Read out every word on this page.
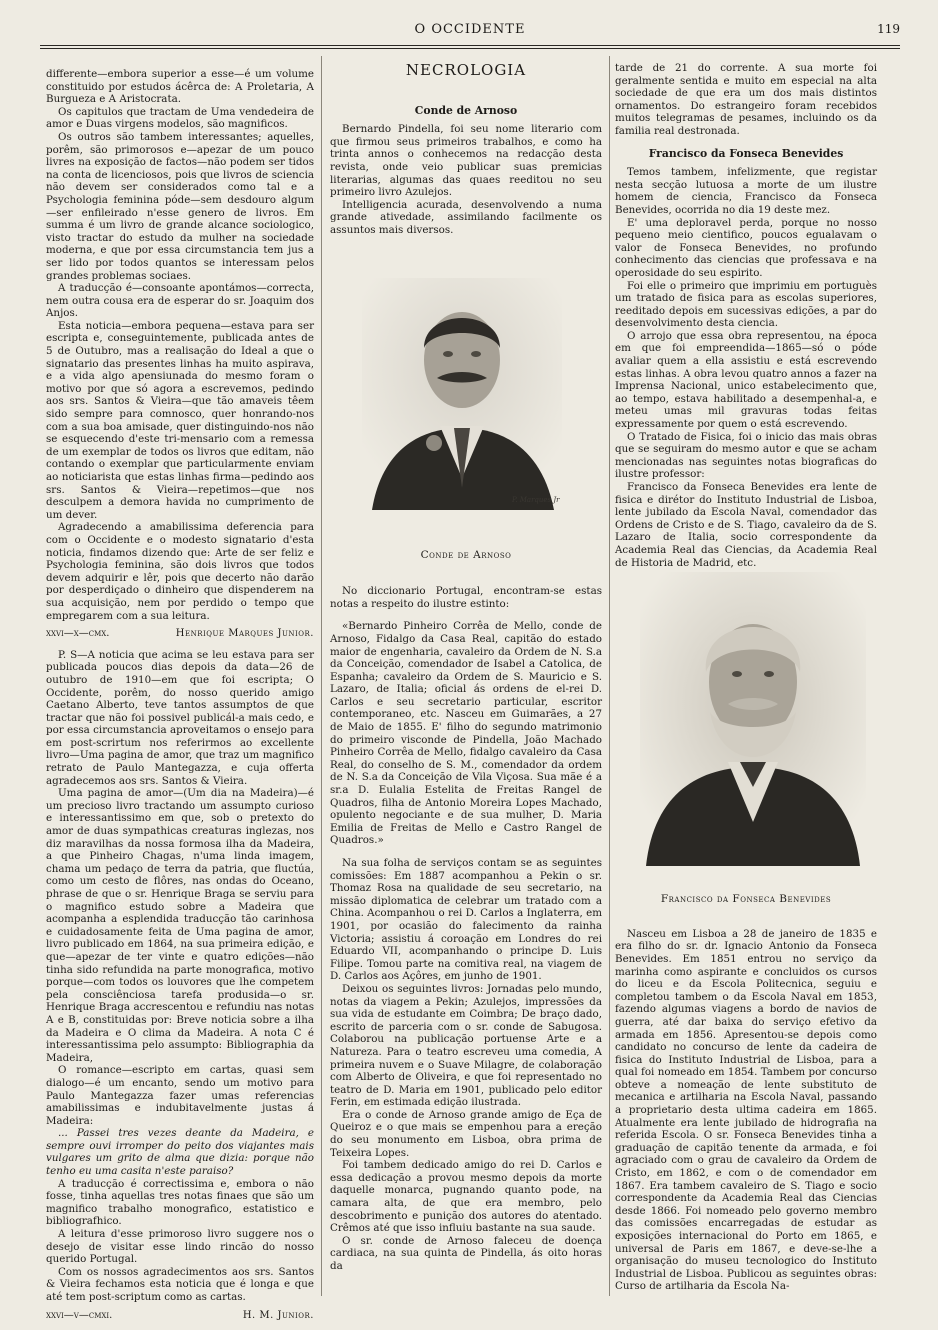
O OCCIDENTE	119

differente—embora superior a esse—é um volume constituido por estudos ácêrca de: A Proletaria, A Burgueza e A Aristocrata.

Os capitulos que tractam de Uma vendedeira de amor e Duas virgens modelos, são magnificos.

Os outros são tambem interessantes; aquelles, porêm, são primorosos e—apezar de um pouco livres na exposição de factos—não podem ser tidos na conta de licenciosos, pois que livros de sciencia não devem ser considerados como tal e a Psychologia feminina póde—sem desdouro algum—ser enfileirado n'esse genero de livros. Em summa é um livro de grande alcance sociologico, visto tractar do estudo da mulher na sociedade moderna, e que por essa circumstancia tem jus a ser lido por todos quantos se interessam pelos grandes problemas sociaes.

A traducção é—consoante apontámos—correcta, nem outra cousa era de esperar do sr. Joaquim dos Anjos.

Esta noticia—embora pequena—estava para ser escripta e, conseguintemente, publicada antes de 5 de Outubro, mas a realisação do Ideal a que o signatario das presentes linhas ha muito aspirava, e a vida algo apensiunada do mesmo foram o motivo por que só agora a escrevemos, pedindo aos srs. Santos & Vieira—que tão amaveis têem sido sempre para comnosco, quer honrando-nos com a sua boa amisade, quer distinguindo-nos não se esquecendo d'este tri-mensario com a remessa de um exemplar de todos os livros que editam, não contando o exemplar que particularmente enviam ao noticiarista que estas linhas firma—pedindo aos srs. Santos & Vieira—repetimos—que nos desculpem a demora havida no cumprimento de um dever.

Agradecendo a amabilissima deferencia para com o Occidente e o modesto signatario d'esta noticia, findamos dizendo que: Arte de ser feliz e Psychologia feminina, são dois livros que todos devem adquirir e lêr, pois que decerto não darão por desperdiçado o dinheiro que dispenderem na sua acquisição, nem por perdido o tempo que empregarem com a sua leitura.

xxvi—x—cmx.	Henrique Marques Junior.

P. S—A noticia que acima se leu estava para ser publicada poucos dias depois da data—26 de outubro de 1910—em que foi escripta; O Occidente, porêm, do nosso querido amigo Caetano Alberto, teve tantos assumptos de que tractar que não foi possivel publicál-a mais cedo, e por essa circumstancia aproveitamos o ensejo para em post-scrirtum nos referirmos ao excellente livro—Uma pagina de amor, que traz um magnifico retrato de Paulo Mantegazza, e cuja offerta agradecemos aos srs. Santos & Vieira.

Uma pagina de amor—(Um dia na Madeira)—é um precioso livro tractando um assumpto curioso e interessantissimo em que, sob o pretexto do amor de duas sympathicas creaturas inglezas, nos diz maravilhas da nossa formosa ilha da Madeira, a que Pinheiro Chagas, n'uma linda imagem, chama um pedaço de terra da patria, que fluctúa, como um cesto de flôres, nas ondas do Oceano, phrase de que o sr. Henrique Braga se serviu para o magnifico estudo sobre a Madeira que acompanha a esplendida traducção tão carinhosa e cuidadosamente feita de Uma pagina de amor, livro publicado em 1864, na sua primeira edição, e que—apezar de ter vinte e quatro edições—não tinha sido refundida na parte monografica, motivo porque—com todos os louvores que lhe competem pela consciênciosa tarefa produsida—o sr. Henrique Braga accrescentou e refundiu nas notas A e B, constituidas por: Breve noticia sobre a ilha da Madeira e O clima da Madeira. A nota C é interessantissima pelo assumpto: Bibliographia da Madeira,

O romance—escripto em cartas, quasi sem dialogo—é um encanto, sendo um motivo para Paulo Mantegazza fazer umas referencias amabilissimas e indubitavelmente justas á Madeira:

... Passei tres vezes deante da Madeira, e sempre ouvi irromper do peito dos viajantes mais vulgares um grito de alma que dizia: porque não tenho eu uma casita n'este paraiso?

A traducção é correctissima e, embora o não fosse, tinha aquellas tres notas finaes que são um magnifico trabalho monografico, estatistico e bibliografhico.

A leitura d'esse primoroso livro suggere nos o desejo de visitar esse lindo rincão do nosso querido Portugal.

Com os nossos agradecimentos aos srs. Santos & Vieira fechamos esta noticia que é longa e que até tem post-scriptum como as cartas.

xxvi—v—cmxi.	H. M. Junior.
NECROLOGIA
Conde de Arnoso

Bernardo Pindella, foi seu nome literario com que firmou seus primeiros trabalhos, e como ha trinta annos o conhecemos na redacção desta revista, onde veio publicar suas premicias literarias, algumas das quaes reeditou no seu primeiro livro Azulejos.

Intelligencia acurada, desenvolvendo a numa grande ativedade, assimilando facilmente os assuntos mais diversos.

Conde de Arnoso

No diccionario Portugal, encontram-se estas notas a respeito do ilustre estinto:

«Bernardo Pinheiro Corrêa de Mello, conde de Arnoso, Fidalgo da Casa Real, capitão do estado maior de engenharia, cavaleiro da Ordem de N. S.a da Conceição, comendador de Isabel a Catolica, de Espanha; cavaleiro da Ordem de S. Mauricio e S. Lazaro, de Italia; oficial ás ordens de el-rei D. Carlos e seu secretario particular, escritor contemporaneo, etc. Nasceu em Guimarães, a 27 de Maio de 1855. E' filho do segundo matrimonio do primeiro visconde de Pindella, João Machado Pinheiro Corrêa de Mello, fidalgo cavaleiro da Casa Real, do conselho de S. M., comendador da ordem de N. S.a da Conceição de Vila Viçosa. Sua mãe é a sr.a D. Eulalia Estelita de Freitas Rangel de Quadros, filha de Antonio Moreira Lopes Machado, opulento negociante e de sua mulher, D. Maria Emilia de Freitas de Mello e Castro Rangel de Quadros.»

Na sua folha de serviços contam se as seguintes comissões: Em 1887 acompanhou a Pekin o sr. Thomaz Rosa na qualidade de seu secretario, na missão diplomatica de celebrar um tratado com a China. Acompanhou o rei D. Carlos a Inglaterra, em 1901, por ocasião do falecimento da rainha Victoria; assistiu á coroação em Londres do rei Eduardo VII, acompanhando o principe D. Luis Filipe. Tomou parte na comitiva real, na viagem de D. Carlos aos Açôres, em junho de 1901.

Deixou os seguintes livros: Jornadas pelo mundo, notas da viagem a Pekin; Azulejos, impressões da sua vida de estudante em Coimbra; De braço dado, escrito de parceria com o sr. conde de Sabugosa. Colaborou na publicação portuense Arte e a Natureza. Para o teatro escreveu uma comedia, A primeira nuvem e o Suave Milagre, de colaboração com Alberto de Oliveira, e que foi representado no teatro de D. Maria em 1901, publicado pelo editor Ferin, em estimada edição ilustrada.

Era o conde de Arnoso grande amigo de Eça de Queiroz e o que mais se empenhou para a ereção do seu monumento em Lisboa, obra prima de Teixeira Lopes.

Foi tambem dedicado amigo do rei D. Carlos e essa dedicação a provou mesmo depois da morte daquelle monarca, pugnando quanto pode, na camara alta, de que era membro, pelo descobrimento e punição dos autores do atentado. Crêmos até que isso influiu bastante na sua saude.

O sr. conde de Arnoso faleceu de doença cardiaca, na sua quinta de Pindella, ás oito horas da

P. Marques Jr

tarde de 21 do corrente. A sua morte foi geralmente sentida e muito em especial na alta sociedade de que era um dos mais distintos ornamentos. Do estrangeiro foram recebidos muitos telegramas de pesames, incluindo os da familia real destronada.

Francisco da Fonseca Benevides

Temos tambem, infelizmente, que registar nesta secção lutuosa a morte de um ilustre homem de ciencia, Francisco da Fonseca Benevides, ocorrida no dia 19 deste mez.

E' uma deploravel perda, porque no nosso pequeno meio cientifico, poucos egualavam o valor de Fonseca Benevides, no profundo conhecimento das ciencias que professava e na operosidade do seu espirito.

Foi elle o primeiro que imprimiu em portuguès um tratado de fisica para as escolas superiores, reeditado depois em sucessivas edições, a par do desenvolvimento desta ciencia.

O arrojo que essa obra representou, na época em que foi empreendida—1865—só o póde avaliar quem a ella assistiu e está escrevendo estas linhas. A obra levou quatro annos a fazer na Imprensa Nacional, unico estabelecimento que, ao tempo, estava habilitado a desempenhal-a, e meteu umas mil gravuras todas feitas expressamente por quem o está escrevendo.

O Tratado de Fisica, foi o inicio das mais obras que se seguiram do mesmo autor e que se acham mencionadas nas seguintes notas biograficas do ilustre professor:

Francisco da Fonseca Benevides era lente de fisica e dirétor do Instituto Industrial de Lisboa, lente jubilado da Escola Naval, comendador das Ordens de Cristo e de S. Tiago, cavaleiro da de S. Lazaro de Italia, socio correspondente da Academia Real das Ciencias, da Academia Real de Historia de Madrid, etc.

Francisco da Fonseca Benevides

Nasceu em Lisboa a 28 de janeiro de 1835 e era filho do sr. dr. Ignacio Antonio da Fonseca Benevides. Em 1851 entrou no serviço da marinha como aspirante e concluidos os cursos do liceu e da Escola Politecnica, seguiu e completou tambem o da Escola Naval em 1853, fazendo algumas viagens a bordo de navios de guerra, até dar baixa do serviço efetivo da armada em 1856. Apresentou-se depois como candidato no concurso de lente da cadeira de fisica do Instituto Industrial de Lisboa, para a qual foi nomeado em 1854. Tambem por concurso obteve a nomeação de lente substituto de mecanica e artilharia na Escola Naval, passando a proprietario desta ultima cadeira em 1865. Atualmente era lente jubilado de hidrografia na referida Escola. O sr. Fonseca Benevides tinha a graduação de capitão tenente da armada, e foi agraciado com o grau de cavaleiro da Ordem de Cristo, em 1862, e com o de comendador em 1867. Era tambem cavaleiro de S. Tiago e socio correspondente da Academia Real das Ciencias desde 1866. Foi nomeado pelo governo membro das comissões encarregadas de estudar as exposições internacional do Porto em 1865, e universal de Paris em 1867, e deve-se-lhe a organisação do museu tecnologico do Instituto Industrial de Lisboa. Publicou as seguintes obras: Curso de artilharia da Escola Na-
